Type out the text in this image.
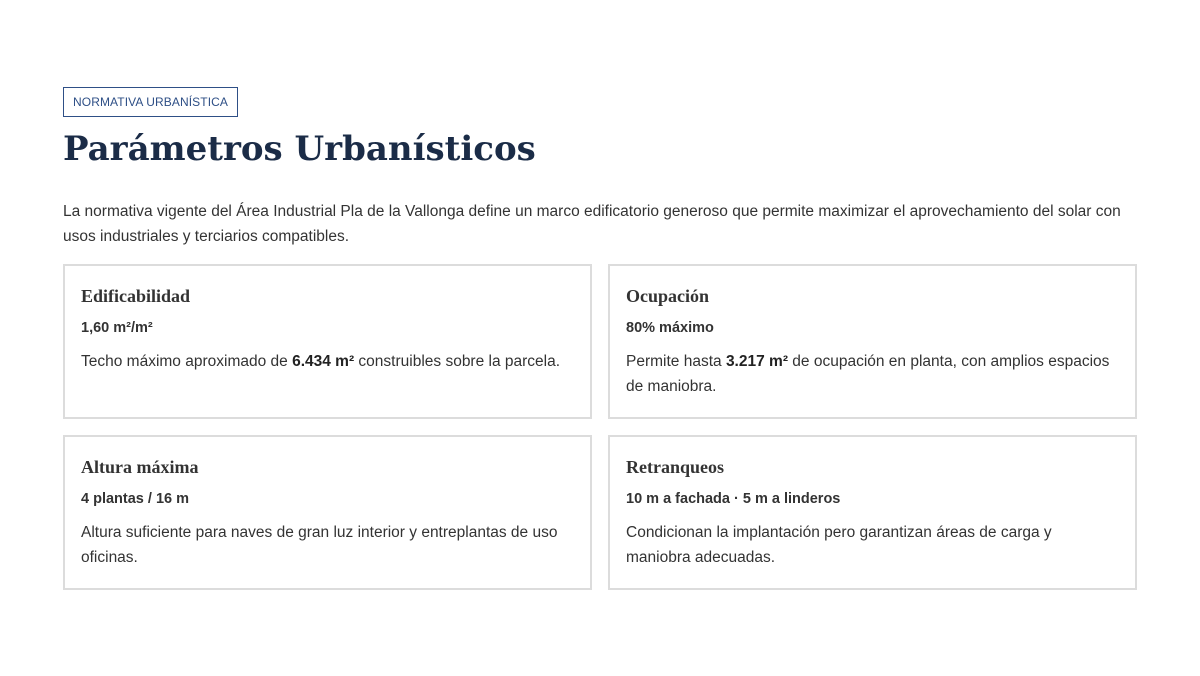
NORMATIVA URBANÍSTICA
Parámetros Urbanísticos

La normativa vigente del Área Industrial Pla de la Vallonga define un marco edificatorio generoso que permite maximizar el aprovechamiento del solar con usos industriales y terciarios compatibles.

Edificabilidad
1,60 m²/m²
Techo máximo aproximado de 6.434 m² construibles sobre la parcela.
Ocupación
80% máximo
Permite hasta 3.217 m² de ocupación en planta, con amplios espacios de maniobra.
Altura máxima
4 plantas / 16 m
Altura suficiente para naves de gran luz interior y entreplantas de uso oficinas.
Retranqueos
10 m a fachada · 5 m a linderos
Condicionan la implantación pero garantizan áreas de carga y maniobra adecuadas.
